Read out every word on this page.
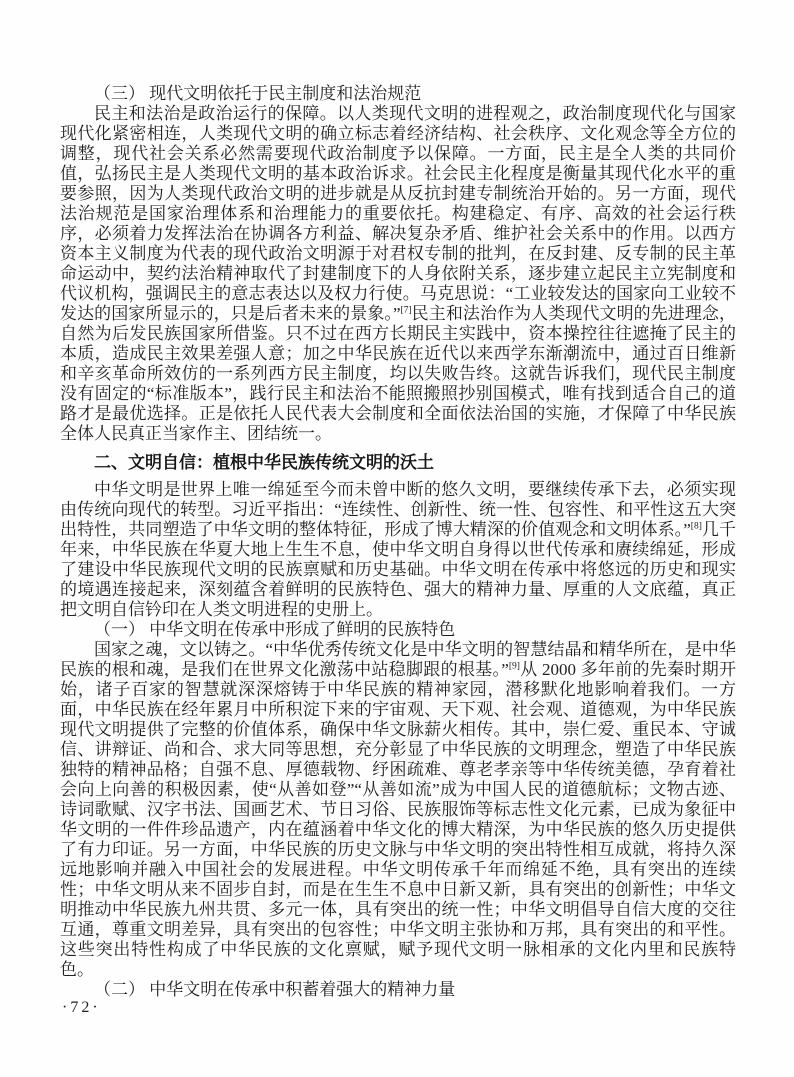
（三） 现代文明依托于民主制度和法治规范

民主和法治是政治运行的保障。以人类现代文明的进程观之，政治制度现代化与国家现代化紧密相连，人类现代文明的确立标志着经济结构、社会秩序、文化观念等全方位的调整，现代社会关系必然需要现代政治制度予以保障。一方面，民主是全人类的共同价值，弘扬民主是人类现代文明的基本政治诉求。社会民主化程度是衡量其现代化水平的重要参照，因为人类现代政治文明的进步就是从反抗封建专制统治开始的。另一方面，现代法治规范是国家治理体系和治理能力的重要依托。构建稳定、有序、高效的社会运行秩序，必须着力发挥法治在协调各方利益、解决复杂矛盾、维护社会关系中的作用。以西方资本主义制度为代表的现代政治文明源于对君权专制的批判，在反封建、反专制的民主革命运动中，契约法治精神取代了封建制度下的人身依附关系，逐步建立起民主立宪制度和代议机构，强调民主的意志表达以及权力行使。马克思说：“工业较发达的国家向工业较不发达的国家所显示的，只是后者未来的景象。”[7]民主和法治作为人类现代文明的先进理念，自然为后发民族国家所借鉴。只不过在西方长期民主实践中，资本操控往往遮掩了民主的本质，造成民主效果差强人意；加之中华民族在近代以来西学东渐潮流中，通过百日维新和辛亥革命所效仿的一系列西方民主制度，均以失败告终。这就告诉我们，现代民主制度没有固定的“标准版本”，践行民主和法治不能照搬照抄别国模式，唯有找到适合自己的道路才是最优选择。正是依托人民代表大会制度和全面依法治国的实施，才保障了中华民族全体人民真正当家作主、团结统一。

二、文明自信：植根中华民族传统文明的沃土

中华文明是世界上唯一绵延至今而未曾中断的悠久文明，要继续传承下去，必须实现由传统向现代的转型。习近平指出：“连续性、创新性、统一性、包容性、和平性这五大突出特性，共同塑造了中华文明的整体特征，形成了博大精深的价值观念和文明体系。”[8]几千年来，中华民族在华夏大地上生生不息，使中华文明自身得以世代传承和赓续绵延，形成了建设中华民族现代文明的民族禀赋和历史基础。中华文明在传承中将悠远的历史和现实的境遇连接起来，深刻蕴含着鲜明的民族特色、强大的精神力量、厚重的人文底蕴，真正把文明自信钤印在人类文明进程的史册上。

（一） 中华文明在传承中形成了鲜明的民族特色

国家之魂，文以铸之。“中华优秀传统文化是中华文明的智慧结晶和精华所在，是中华民族的根和魂，是我们在世界文化激荡中站稳脚跟的根基。”[9]从 2000 多年前的先秦时期开始，诸子百家的智慧就深深熔铸于中华民族的精神家园，潜移默化地影响着我们。一方面，中华民族在经年累月中所积淀下来的宇宙观、天下观、社会观、道德观，为中华民族现代文明提供了完整的价值体系，确保中华文脉薪火相传。其中，崇仁爱、重民本、守诚信、讲辩证、尚和合、求大同等思想，充分彰显了中华民族的文明理念，塑造了中华民族独特的精神品格；自强不息、厚德载物、纾困疏难、尊老孝亲等中华传统美德，孕育着社会向上向善的积极因素，使“从善如登”“从善如流”成为中国人民的道德航标；文物古迹、诗词歌赋、汉字书法、国画艺术、节日习俗、民族服饰等标志性文化元素，已成为象征中华文明的一件件珍品遗产，内在蕴涵着中华文化的博大精深，为中华民族的悠久历史提供了有力印证。另一方面，中华民族的历史文脉与中华文明的突出特性相互成就，将持久深远地影响并融入中国社会的发展进程。中华文明传承千年而绵延不绝，具有突出的连续性；中华文明从来不固步自封，而是在生生不息中日新又新，具有突出的创新性；中华文明推动中华民族九州共贯、多元一体，具有突出的统一性；中华文明倡导自信大度的交往互通，尊重文明差异，具有突出的包容性；中华文明主张协和万邦，具有突出的和平性。这些突出特性构成了中华民族的文化禀赋，赋予现代文明一脉相承的文化内里和民族特色。

（二） 中华文明在传承中积蓄着强大的精神力量
·72·
